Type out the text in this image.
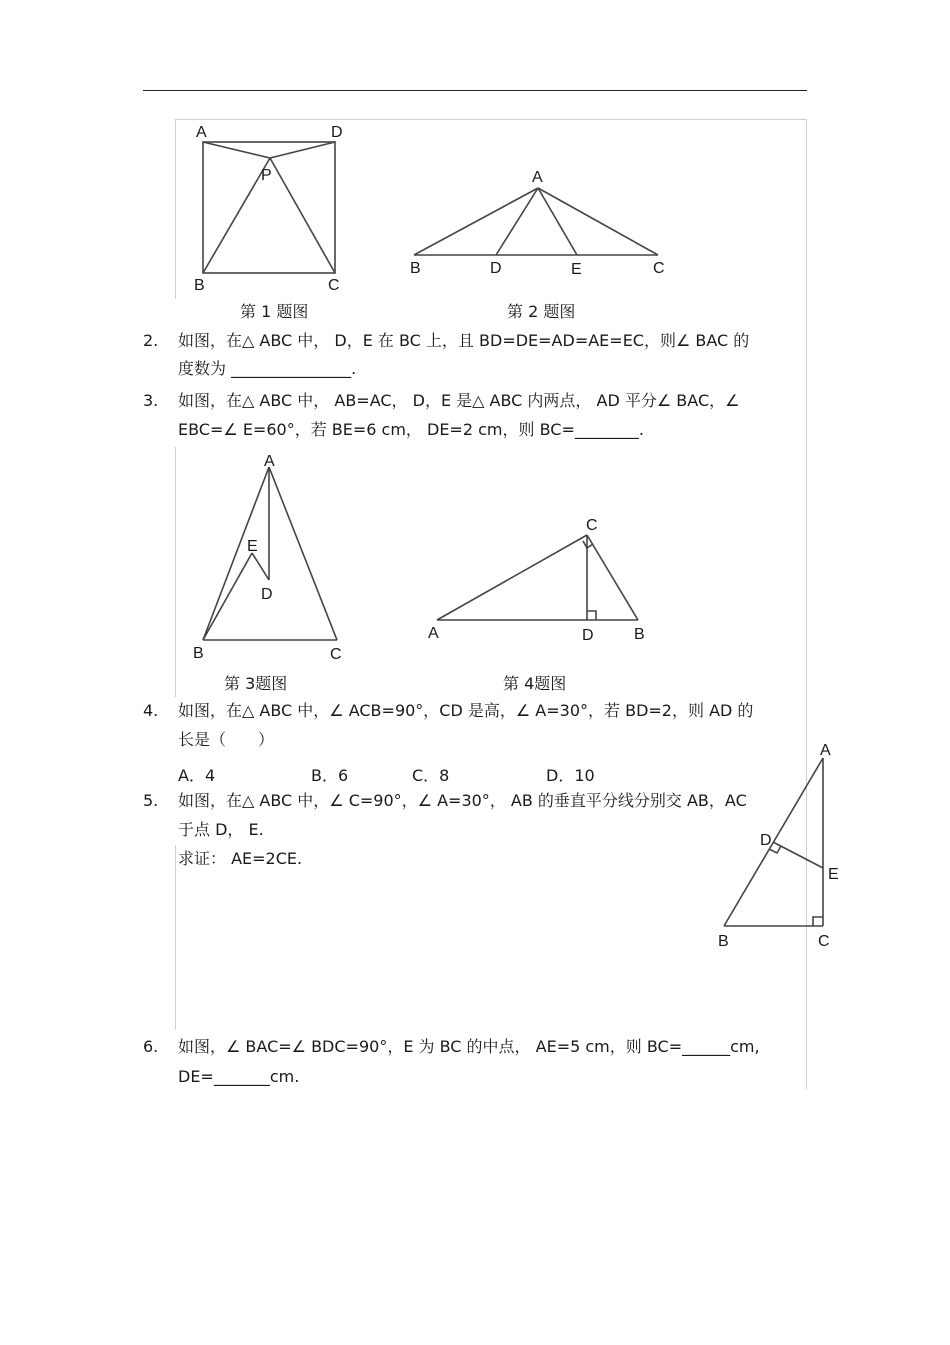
A	D
P
B	C
A
B	D	E	C
A
E
D
B	C
C
A	D	B
A
D
E
B	C
第 1 题图	第 2 题图
第 3题图	第 4题图
2. 如图，在△ ABC 中， D，E 在 BC 上，且 BD=DE=AD=AE=EC，则∠ BAC 的
度数为 _______________.
3. 如图，在△ ABC 中， AB=AC， D，E 是△ ABC 内两点， AD 平分∠ BAC，∠
EBC=∠ E=60°，若 BE=6 cm， DE=2 cm，则 BC=________.
4. 如图，在△ ABC 中，∠ ACB=90°，CD 是高，∠ A=30°，若 BD=2，则 AD 的
长是（　　）
A．4	B．6	C．8	D．10
5. 如图，在△ ABC 中，∠ C=90°，∠ A=30°， AB 的垂直平分线分别交 AB，AC
于点 D， E.
求证： AE=2CE.
6. 如图，∠ BAC=∠ BDC=90°，E 为 BC 的中点， AE=5 cm，则 BC=______cm,
DE=_______cm.
